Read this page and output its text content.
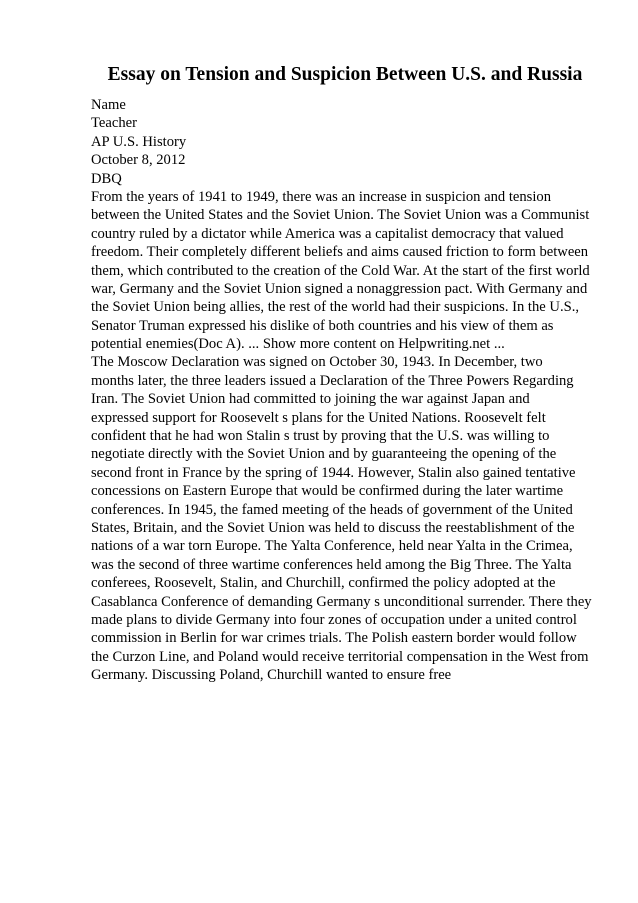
Essay on Tension and Suspicion Between U.S. and Russia
Name
Teacher
AP U.S. History
October 8, 2012
DBQ
From the years of 1941 to 1949, there was an increase in suspicion and tension
between the United States and the Soviet Union. The Soviet Union was a Communist
country ruled by a dictator while America was a capitalist democracy that valued
freedom. Their completely different beliefs and aims caused friction to form between
them, which contributed to the creation of the Cold War. At the start of the first world
war, Germany and the Soviet Union signed a nonaggression pact. With Germany and
the Soviet Union being allies, the rest of the world had their suspicions. In the U.S.,
Senator Truman expressed his dislike of both countries and his view of them as
potential enemies(Doc A). ... Show more content on Helpwriting.net ...
The Moscow Declaration was signed on October 30, 1943. In December, two
months later, the three leaders issued a Declaration of the Three Powers Regarding
Iran. The Soviet Union had committed to joining the war against Japan and
expressed support for Roosevelt s plans for the United Nations. Roosevelt felt
confident that he had won Stalin s trust by proving that the U.S. was willing to
negotiate directly with the Soviet Union and by guaranteeing the opening of the
second front in France by the spring of 1944. However, Stalin also gained tentative
concessions on Eastern Europe that would be confirmed during the later wartime
conferences. In 1945, the famed meeting of the heads of government of the United
States, Britain, and the Soviet Union was held to discuss the reestablishment of the
nations of a war torn Europe. The Yalta Conference, held near Yalta in the Crimea,
was the second of three wartime conferences held among the Big Three. The Yalta
conferees, Roosevelt, Stalin, and Churchill, confirmed the policy adopted at the
Casablanca Conference of demanding Germany s unconditional surrender. There they
made plans to divide Germany into four zones of occupation under a united control
commission in Berlin for war crimes trials. The Polish eastern border would follow
the Curzon Line, and Poland would receive territorial compensation in the West from
Germany. Discussing Poland, Churchill wanted to ensure free
